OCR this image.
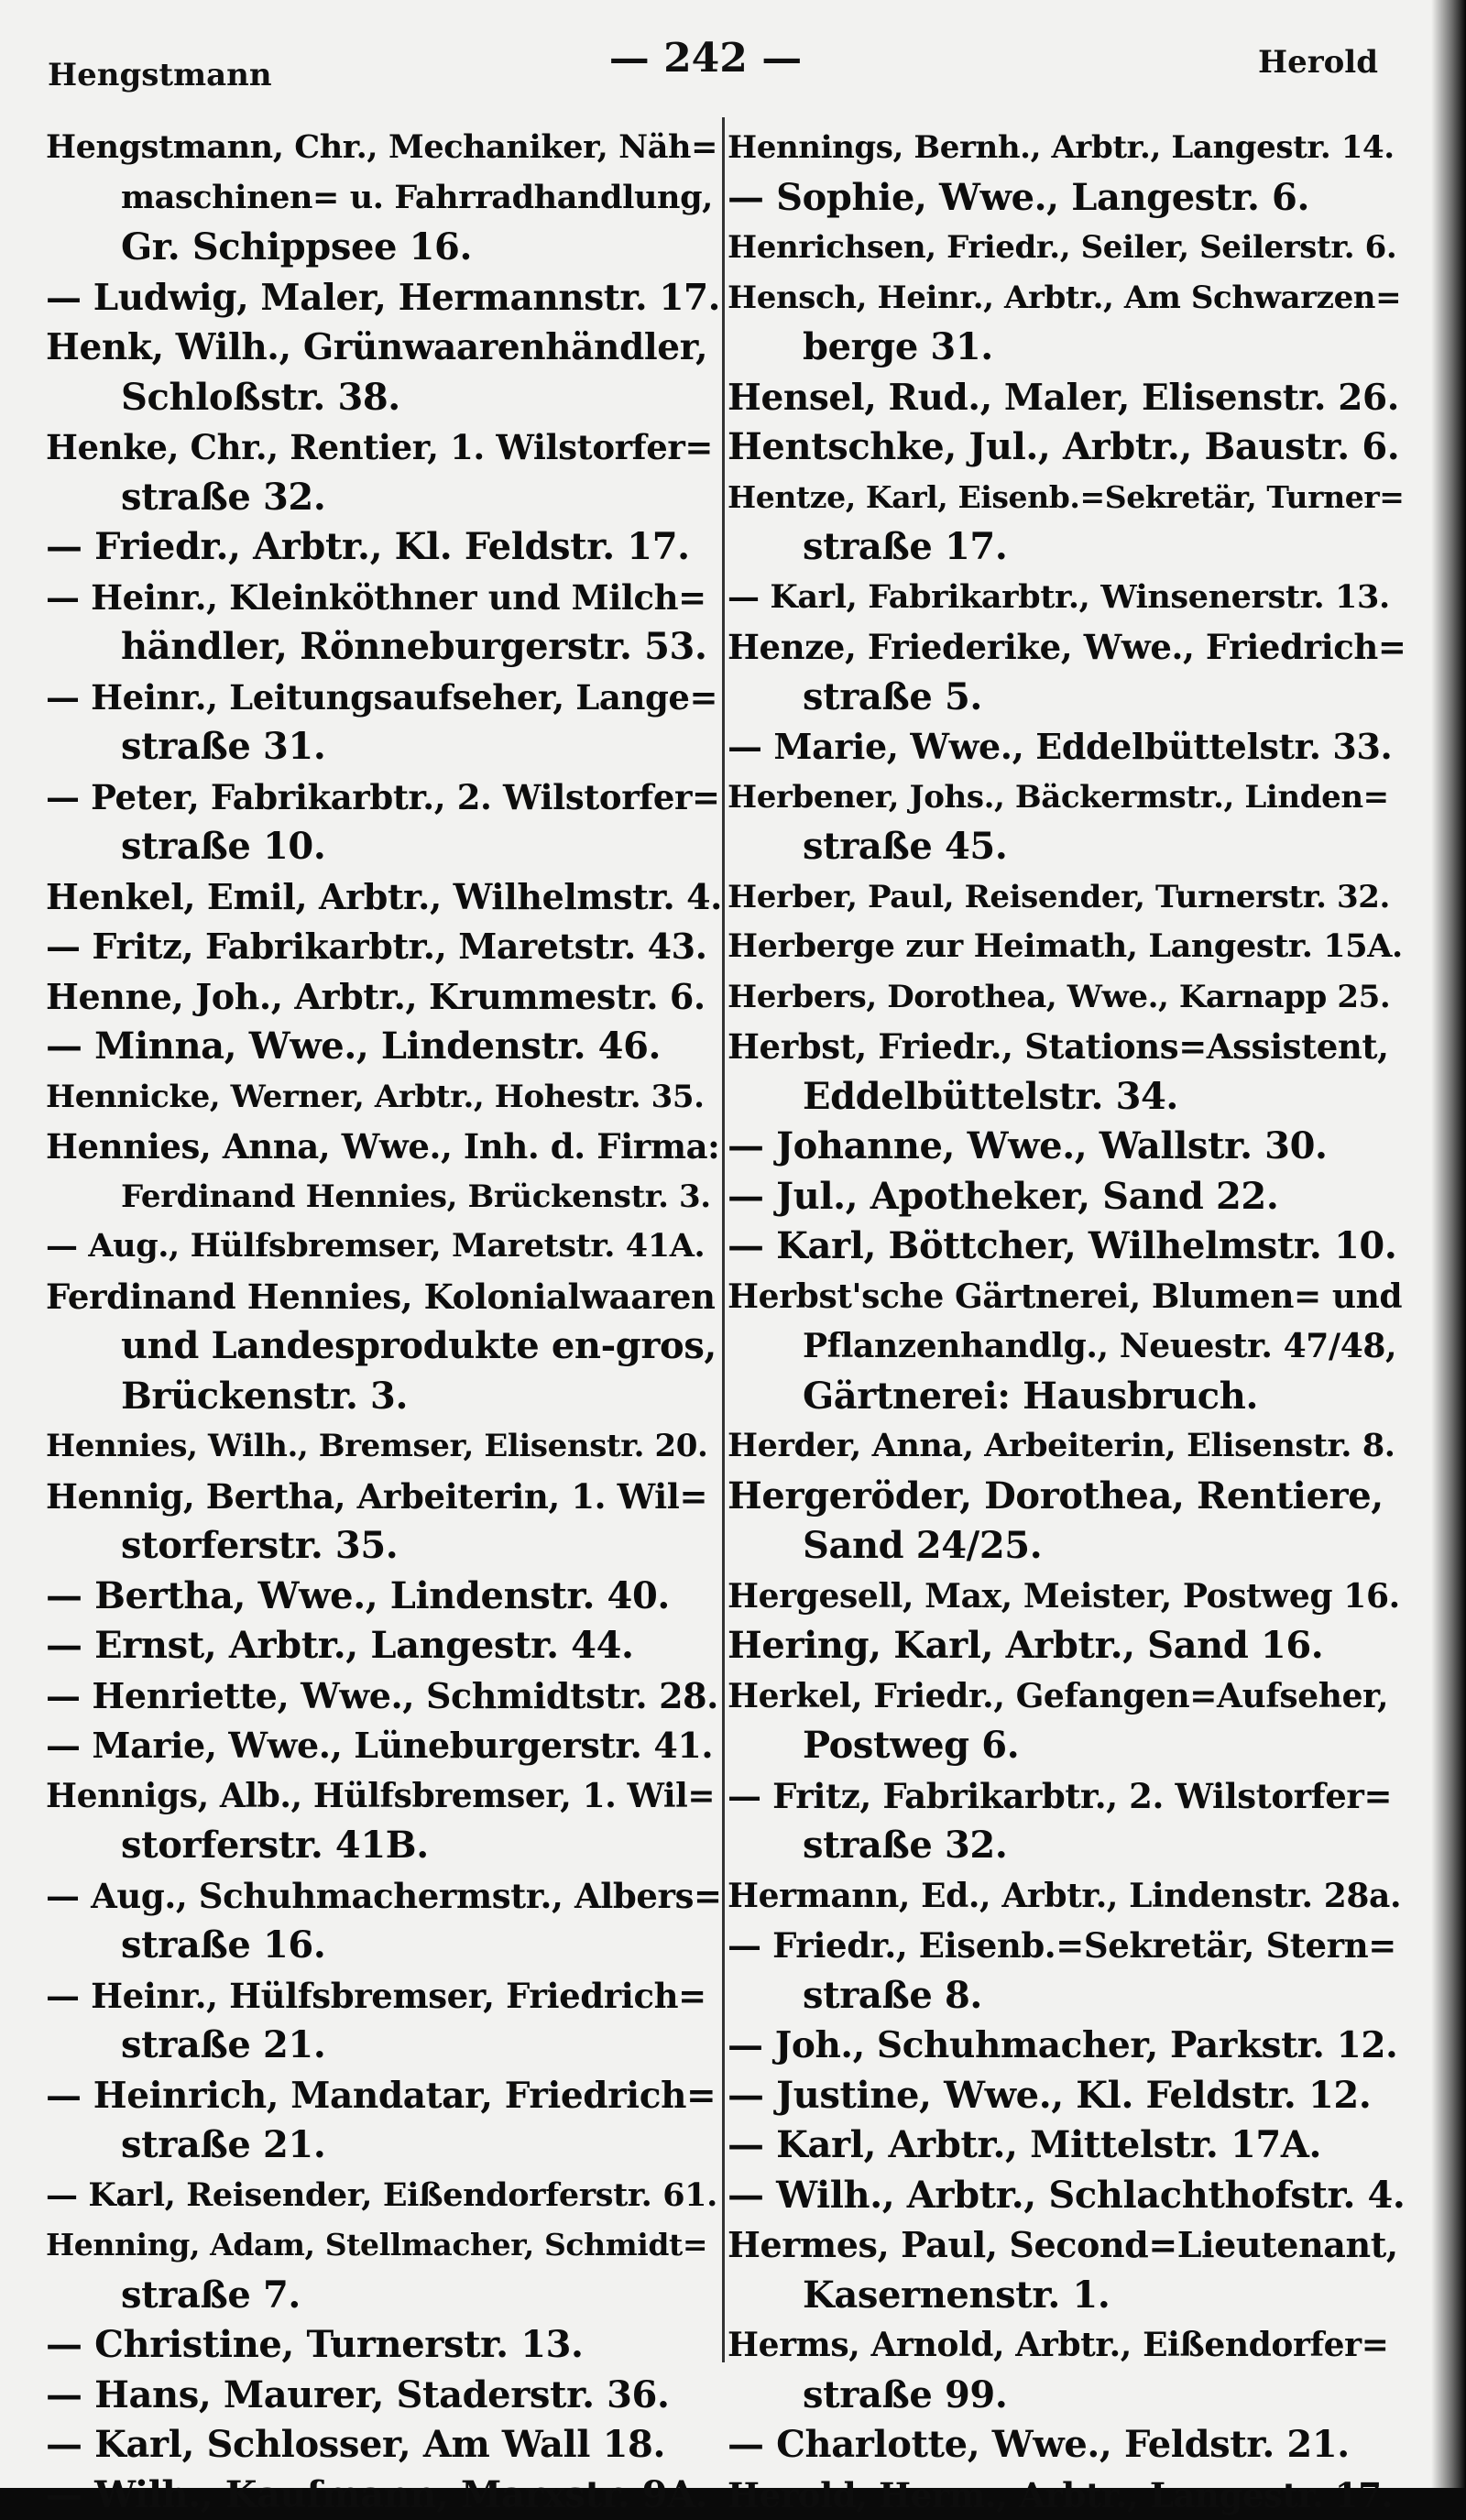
Hengstmann	— 242 —	Herold
Hengstmann, Chr., Mechaniker, Näh=
maschinen= u. Fahrradhandlung,
Gr. Schippsee 16.
— Ludwig, Maler, Hermannstr. 17.
Henk, Wilh., Grünwaarenhändler,
Schloßstr. 38.
Henke, Chr., Rentier, 1. Wilstorfer=
straße 32.
— Friedr., Arbtr., Kl. Feldstr. 17.
— Heinr., Kleinköthner und Milch=
händler, Rönneburgerstr. 53.
— Heinr., Leitungsaufseher, Lange=
straße 31.
— Peter, Fabrikarbtr., 2. Wilstorfer=
straße 10.
Henkel, Emil, Arbtr., Wilhelmstr. 4.
— Fritz, Fabrikarbtr., Maretstr. 43.
Henne, Joh., Arbtr., Krummestr. 6.
— Minna, Wwe., Lindenstr. 46.
Hennicke, Werner, Arbtr., Hohestr. 35.
Hennies, Anna, Wwe., Inh. d. Firma:
Ferdinand Hennies, Brückenstr. 3.
— Aug., Hülfsbremser, Maretstr. 41A.
Ferdinand Hennies, Kolonialwaaren
und Landesprodukte en-gros,
Brückenstr. 3.
Hennies, Wilh., Bremser, Elisenstr. 20.
Hennig, Bertha, Arbeiterin, 1. Wil=
storferstr. 35.
— Bertha, Wwe., Lindenstr. 40.
— Ernst, Arbtr., Langestr. 44.
— Henriette, Wwe., Schmidtstr. 28.
— Marie, Wwe., Lüneburgerstr. 41.
Hennigs, Alb., Hülfsbremser, 1. Wil=
storferstr. 41B.
— Aug., Schuhmachermstr., Albers=
straße 16.
— Heinr., Hülfsbremser, Friedrich=
straße 21.
— Heinrich, Mandatar, Friedrich=
straße 21.
— Karl, Reisender, Eißendorferstr. 61.
Henning, Adam, Stellmacher, Schmidt=
straße 7.
— Christine, Turnerstr. 13.
— Hans, Maurer, Staderstr. 36.
— Karl, Schlosser, Am Wall 18.
— Wilh., Kaufmann, Marxstr. 9A.
Hennings, Bernh., Arbtr., Langestr. 14.
— Sophie, Wwe., Langestr. 6.
Henrichsen, Friedr., Seiler, Seilerstr. 6.
Hensch, Heinr., Arbtr., Am Schwarzen=
berge 31.
Hensel, Rud., Maler, Elisenstr. 26.
Hentschke, Jul., Arbtr., Baustr. 6.
Hentze, Karl, Eisenb.=Sekretär, Turner=
straße 17.
— Karl, Fabrikarbtr., Winsenerstr. 13.
Henze, Friederike, Wwe., Friedrich=
straße 5.
— Marie, Wwe., Eddelbüttelstr. 33.
Herbener, Johs., Bäckermstr., Linden=
straße 45.
Herber, Paul, Reisender, Turnerstr. 32.
Herberge zur Heimath, Langestr. 15A.
Herbers, Dorothea, Wwe., Karnapp 25.
Herbst, Friedr., Stations=Assistent,
Eddelbüttelstr. 34.
— Johanne, Wwe., Wallstr. 30.
— Jul., Apotheker, Sand 22.
— Karl, Böttcher, Wilhelmstr. 10.
Herbst'sche Gärtnerei, Blumen= und
Pflanzenhandlg., Neuestr. 47/48,
Gärtnerei: Hausbruch.
Herder, Anna, Arbeiterin, Elisenstr. 8.
Hergeröder, Dorothea, Rentiere,
Sand 24/25.
Hergesell, Max, Meister, Postweg 16.
Hering, Karl, Arbtr., Sand 16.
Herkel, Friedr., Gefangen=Aufseher,
Postweg 6.
— Fritz, Fabrikarbtr., 2. Wilstorfer=
straße 32.
Hermann, Ed., Arbtr., Lindenstr. 28a.
— Friedr., Eisenb.=Sekretär, Stern=
straße 8.
— Joh., Schuhmacher, Parkstr. 12.
— Justine, Wwe., Kl. Feldstr. 12.
— Karl, Arbtr., Mittelstr. 17A.
— Wilh., Arbtr., Schlachthofstr. 4.
Hermes, Paul, Second=Lieutenant,
Kasernenstr. 1.
Herms, Arnold, Arbtr., Eißendorfer=
straße 99.
— Charlotte, Wwe., Feldstr. 21.
Herold, Herm., Arbtr., Langestr. 17.
